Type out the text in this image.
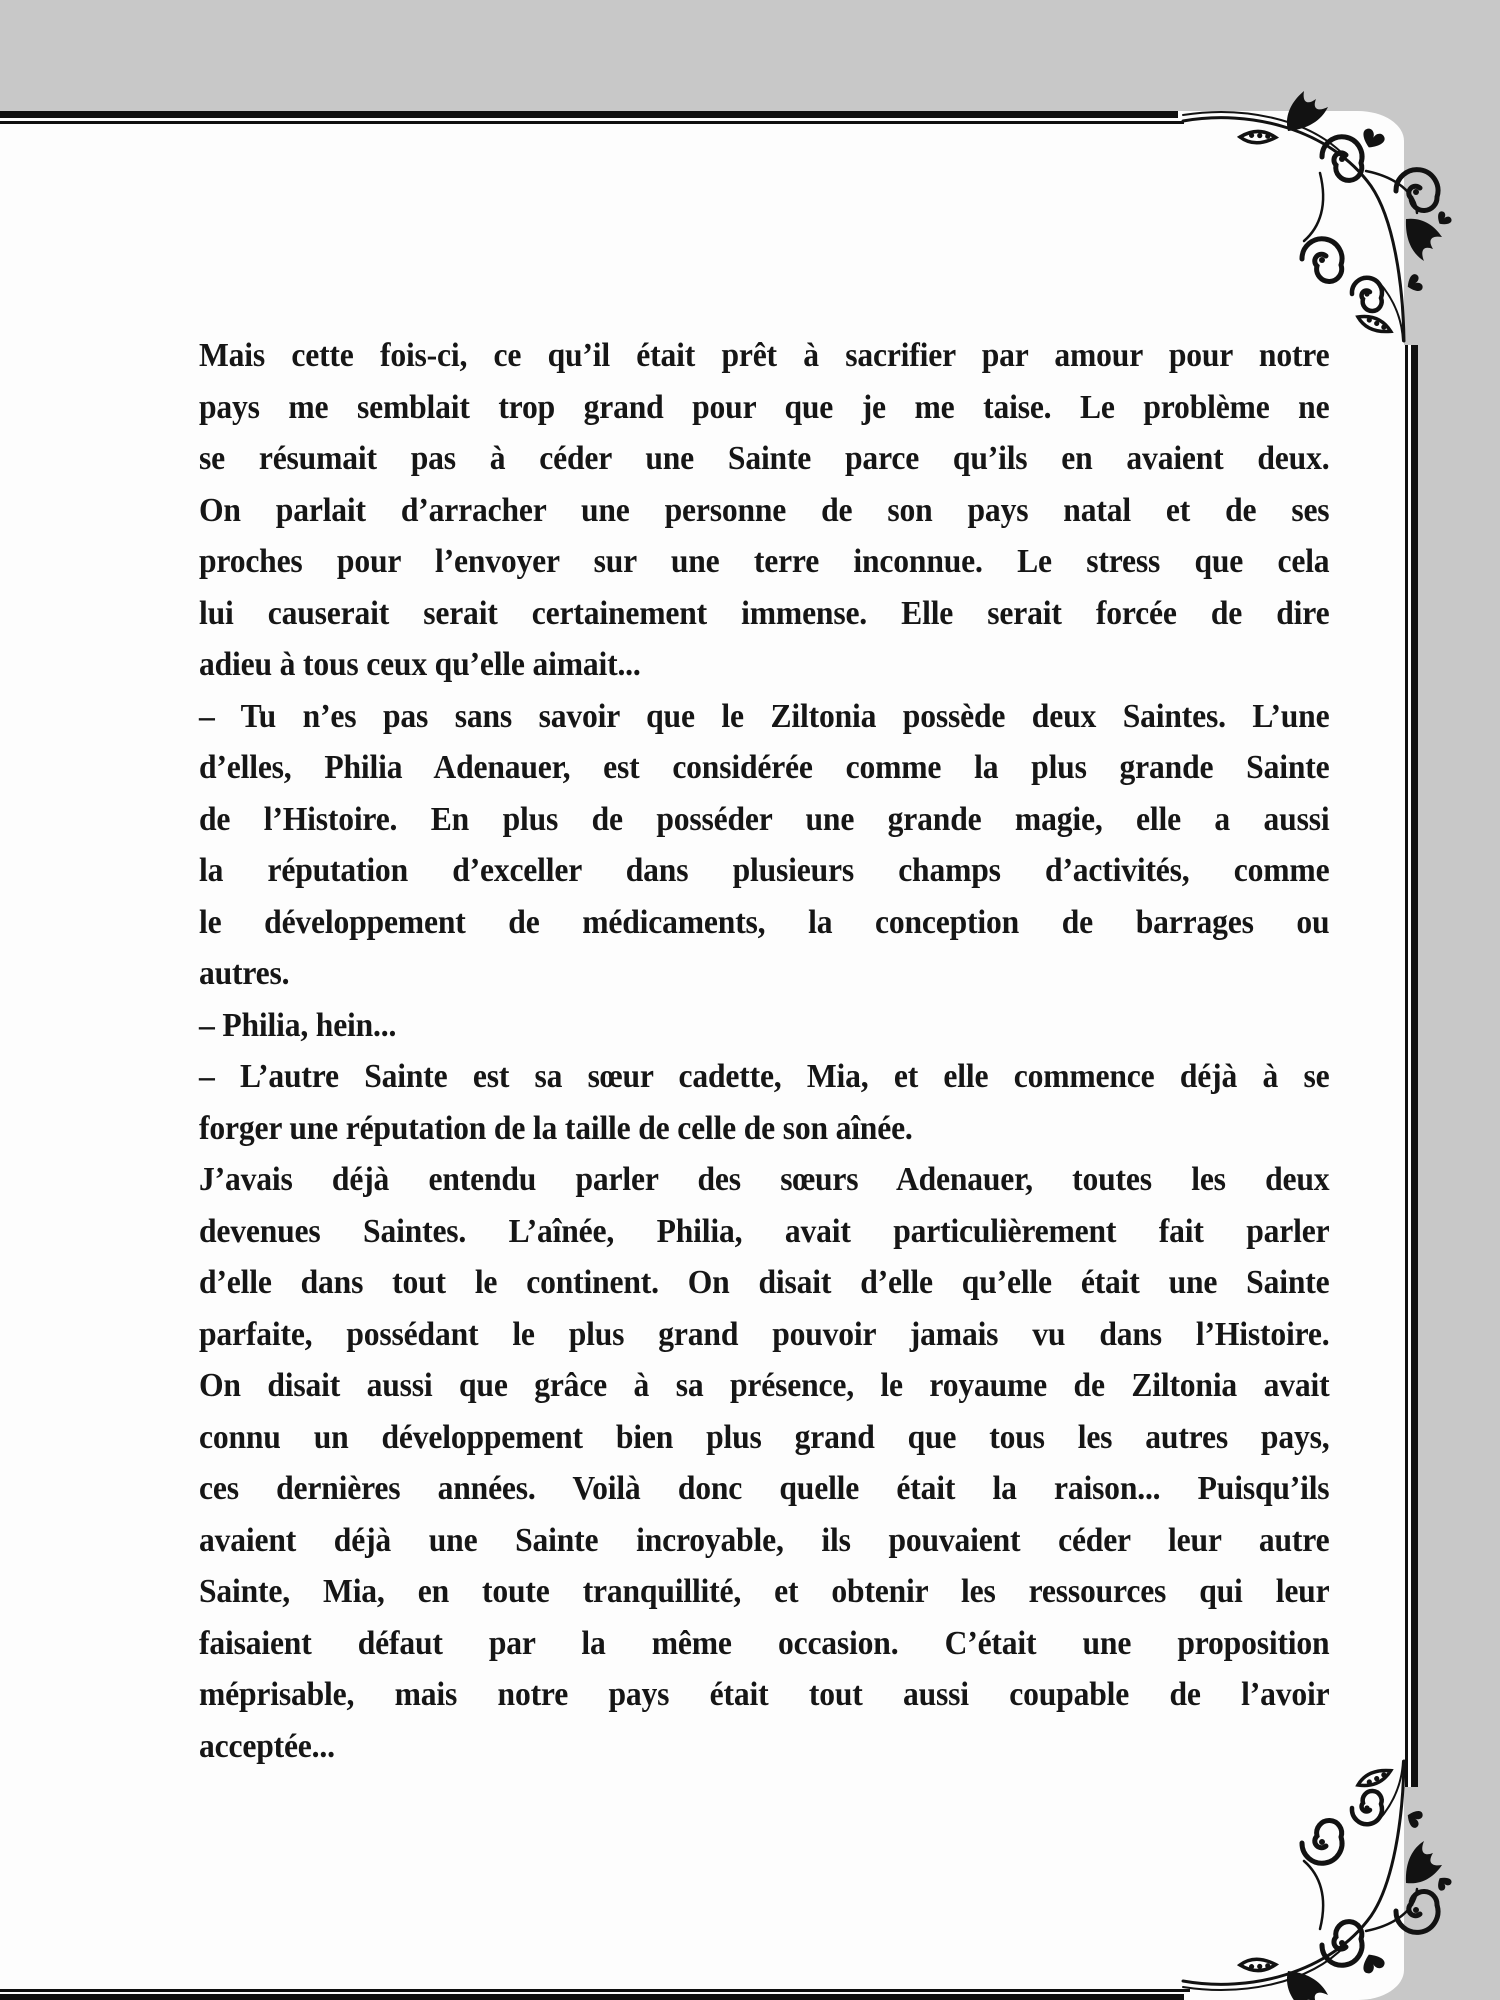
Mais cette fois-ci, ce qu’il était prêt à sacrifier par amour pour notre
pays me semblait trop grand pour que je me taise. Le problème ne
se résumait pas à céder une Sainte parce qu’ils en avaient deux.
On parlait d’arracher une personne de son pays natal et de ses
proches pour l’envoyer sur une terre inconnue. Le stress que cela
lui causerait serait certainement immense. Elle serait forcée de dire
adieu à tous ceux qu’elle aimait...

– Tu n’es pas sans savoir que le Ziltonia possède deux Saintes. L’une
d’elles, Philia Adenauer, est considérée comme la plus grande Sainte
de l’Histoire. En plus de posséder une grande magie, elle a aussi
la réputation d’exceller dans plusieurs champs d’activités, comme
le développement de médicaments, la conception de barrages ou
autres.

– Philia, hein...

– L’autre Sainte est sa sœur cadette, Mia, et elle commence déjà à se
forger une réputation de la taille de celle de son aînée.

J’avais déjà entendu parler des sœurs Adenauer, toutes les deux
devenues Saintes. L’aînée, Philia, avait particulièrement fait parler
d’elle dans tout le continent. On disait d’elle qu’elle était une Sainte
parfaite, possédant le plus grand pouvoir jamais vu dans l’Histoire.
On disait aussi que grâce à sa présence, le royaume de Ziltonia avait
connu un développement bien plus grand que tous les autres pays,
ces dernières années. Voilà donc quelle était la raison... Puisqu’ils
avaient déjà une Sainte incroyable, ils pouvaient céder leur autre
Sainte, Mia, en toute tranquillité, et obtenir les ressources qui leur
faisaient défaut par la même occasion. C’était une proposition
méprisable, mais notre pays était tout aussi coupable de l’avoir
acceptée...
